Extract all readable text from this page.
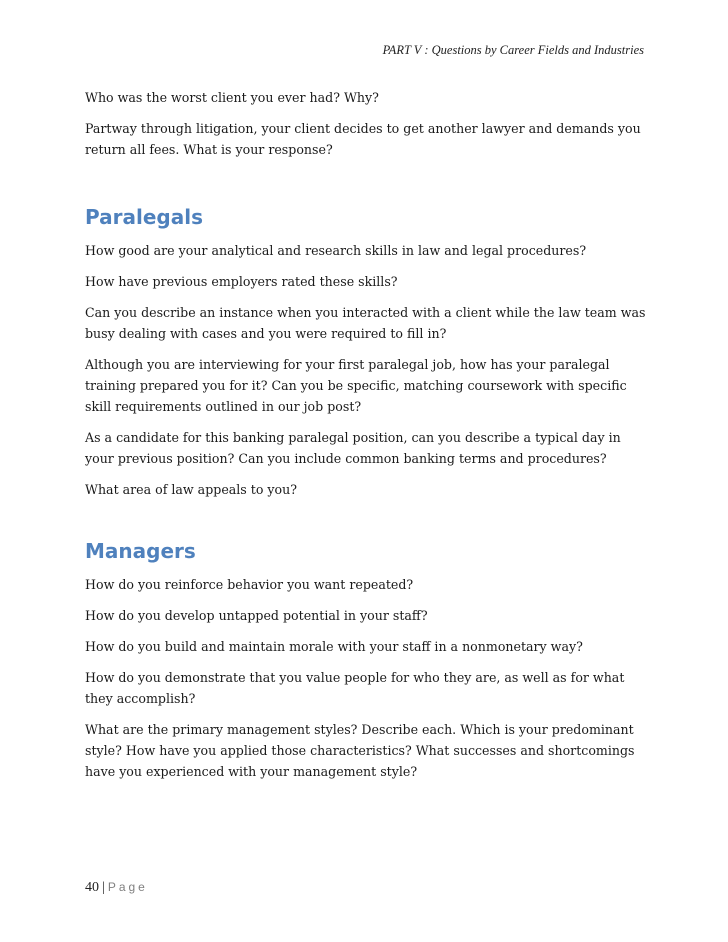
PART V : Questions by Career Fields and Industries

Who was the worst client you ever had? Why?

Partway through litigation, your client decides to get another lawyer and demands you return all fees. What is your response?

Paralegals

How good are your analytical and research skills in law and legal procedures?

How have previous employers rated these skills?

Can you describe an instance when you interacted with a client while the law team was busy dealing with cases and you were required to fill in?

Although you are interviewing for your first paralegal job, how has your paralegal training prepared you for it? Can you be specific, matching coursework with specific skill requirements outlined in our job post?

As a candidate for this banking paralegal position, can you describe a typical day in your previous position? Can you include common banking terms and procedures?

What area of law appeals to you?

Managers

How do you reinforce behavior you want repeated?

How do you develop untapped potential in your staff?

How do you build and maintain morale with your staff in a nonmonetary way?

How do you demonstrate that you value people for who they are, as well as for what they accomplish?

What are the primary management styles? Describe each. Which is your predominant style? How have you applied those characteristics? What successes and shortcomings have you experienced with your management style?

40 | Page
